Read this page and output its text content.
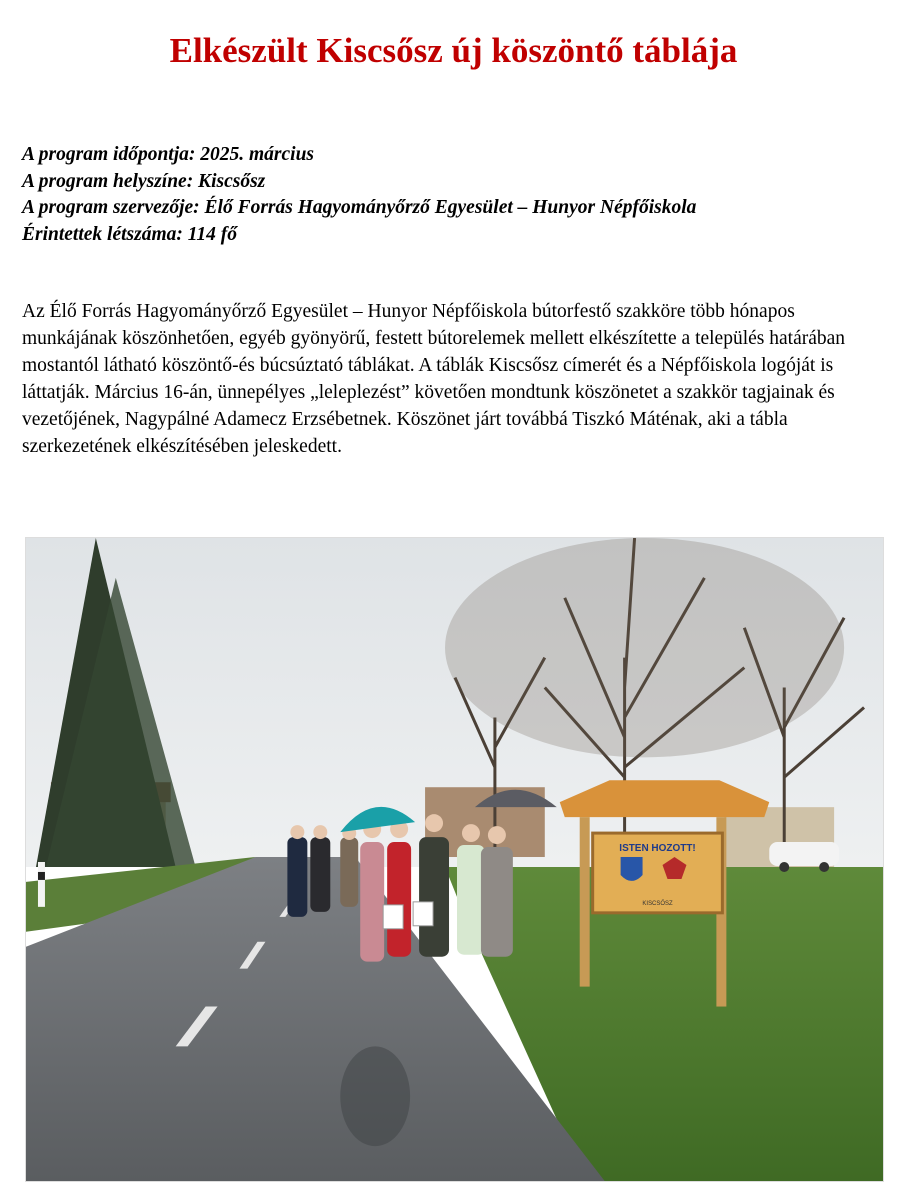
Elkészült Kiscsősz új köszöntő táblája
A program időpontja: 2025. március
A program helyszíne: Kiscsősz
A program szervezője: Élő Forrás Hagyományőrző Egyesület – Hunyor Népfőiskola
Érintettek létszáma: 114 fő

Az Élő Forrás Hagyományőrző Egyesület – Hunyor Népfőiskola bútorfestő szakköre több hónapos munkájának köszönhetően, egyéb gyönyörű, festett bútorelemek mellett elkészítette a település határában mostantól látható köszöntő-és búcsúztató táblákat. A táblák Kiscsősz címerét és a Népfőiskola logóját is láttatják. Március 16-án, ünnepélyes „leleplezést” követően mondtunk köszönetet a szakkör tagjainak és vezetőjének, Nagypálné Adamecz Erzsébetnek. Köszönet járt továbbá Tiszkó Máténak, aki a tábla szerkezetének elkészítésében jeleskedett.

ISTEN HOZOTT!
KISCSŐSZ
